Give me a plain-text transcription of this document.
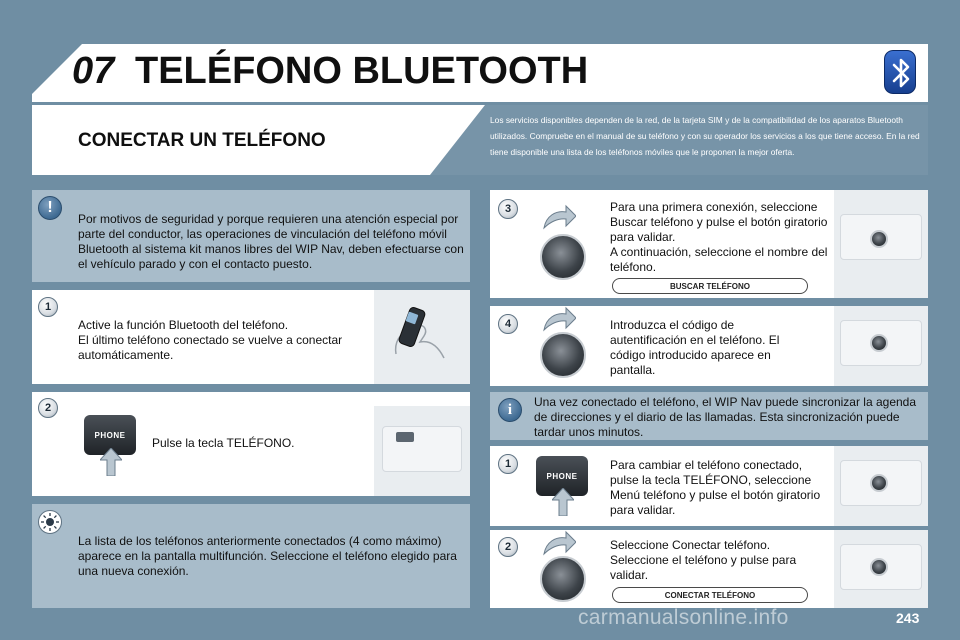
07 TELÉFONO BLUETOOTH
CONECTAR UN TELÉFONO
Los servicios disponibles dependen de la red, de la tarjeta SIM y de la compatibilidad de los aparatos Bluetooth utilizados. Compruebe en el manual de su teléfono y con su operador los servicios a los que tiene acceso. En la red tiene disponible una lista de los teléfonos móviles que le proponen la mejor oferta.
!
Por motivos de seguridad y porque requieren una atención especial por parte del conductor, las operaciones de vinculación del teléfono móvil Bluetooth al sistema kit manos libres del WIP Nav, deben efectuarse con el vehículo parado y con el contacto puesto.
1
Active la función Bluetooth del teléfono.
El último teléfono conectado se vuelve a conectar automáticamente.
2
PHONE
Pulse la tecla TELÉFONO.
La lista de los teléfonos anteriormente conectados (4 como máximo) aparece en la pantalla multifunción. Seleccione el teléfono elegido para una nueva conexión.
3	Para una primera conexión, seleccione Buscar teléfono y pulse el botón giratorio para validar.
A continuación, seleccione el nombre del teléfono.
BUSCAR TELÉFONO
4	Introduzca el código de autentificación en el teléfono. El código introducido aparece en pantalla.
i	Una vez conectado el teléfono, el WIP Nav puede sincronizar la agenda de direcciones y el diario de las llamadas. Esta sincronización puede tardar unos minutos.
1
PHONE
Para cambiar el teléfono conectado, pulse la tecla TELÉFONO, seleccione Menú teléfono y pulse el botón giratorio para validar.
2	Seleccione Conectar teléfono.
Seleccione el teléfono y pulse para validar.
CONECTAR TELÉFONO
carmanualsonline.info	243
